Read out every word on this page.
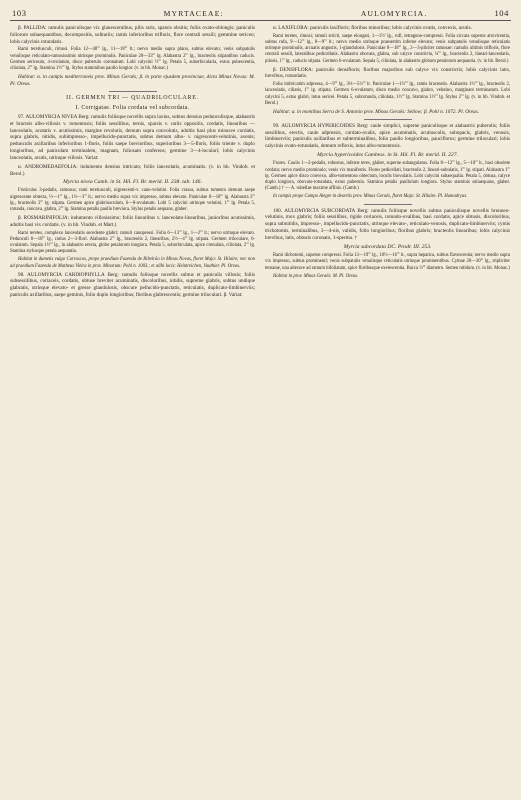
103	MYRTACEAE:	AULOMYRCIA.	104

β. PALLIDA: ramulis paniculisque vix glanescentibus, pilis raris, sparsis obsitis; foliis ovato-oblongis; paniculis foliorum subaequantibus, decompositis, solitariis; ramis inferioribus trifloris, flore centrali sessili; gemmine sericeo; lobis calycinis rotundatis.

Rami teretiusculi, rimosi. Folia 12—40''' lg., 11—18''' lt.; nervo medio supra plano, subtus elevato; venis subpatulis venulisque reticulato-ramosissimis utrinque prominulis. Paniculae 20—33''' lg. Alabastra 2''' lg., bracteolis stipantibus caducis. Germen sericeum, 4-ovulatum, disco puberulo coronatum. Lobi calycini ½''' lg. Petala 5, suborbicularia, extus pubescentia, ciliolata, 2''' lg. Stamina 1½''' lg. Stylus staminibus paullo longior. (v. in hb. Monac.)

Habitat: α. in campis mediterraneis prov. Minas Geraës; β. in parte ejusdem provinciae, dicta Minas Novas: M. Pl. Oreas.

II. GERMEN TRI — QUADRILOCULARE.
I. Corrigatae. Folia cordata vel subcordata.

97. AULOMYRCIA NIVEA Berg: ramulis foliisque novellis supra laxius, subtus densius pedunculisque, alabastris et bracteis albo-villosis v. tomentosis; foliis sessilibus, ternis, sparsis v. rariis oppositis, cordatis, linearibus — lanceolatis, acutatis v. acutissimis, margine revolutis, demum supra convolutis, adultis basi plus minusve cordatis, supra glabris, nitidis, subimpresso-, impellucido-punctatis, subtus demum albo- v. nigrescenti-velutinis, avenis; pedunculis axillaribus inferioribus 1-floris, foliis saepe brevioribus, superioribus 3—5-floris, foliis triente v. duplo longioribus, ad paniculam terminalem, magnam, foliosam conferens; germine 3—4-loculari; lobis calycinis lanceolatis, acutis, utrinque villosis. Variat:

α. ANDROMEDAEFOLIA: indumento densius intricato; foliis lanceolatis, acuminatis. (v. in hb. Vindob. et Berol.)

Myrcia nivea Camb. in St. Hil. Fl. Br. merid. II. 238. tab. 146.

Fruticulus 3-pedalis, ramosus; rami teretiusculi, nigrescenti-v. cano-velutini. Folia crassa, subtus tomento demum saepe nigrescente obtecta, ½—1''' lg., 1½—3''' lt.; nervo medio supra vix impresso, subtus elevato. Paniculae 8—18''' lg. Alabastra 2''' lg., bracteolis 2''' lg. stipata. Germen apice glabriusculum, 6—8-ovulatum. Lobi 5 calycini utrinque velutini, 1''' lg. Petala 5, rotunda, concava, glabra, 2''' lg. Stamina petalis paullo breviora. Stylus petalis aequans, glaber.

β. ROSMARINIFOLIA: indumento villosissimo; foliis linearibus v. lanceolato-linearibus, junioribus acutissimis, adultis basi vix cordatis. (v. in hb. Vindob. et Mart.)

Rami teretes, complexo lanceolatis secedente glabri; ramuli canopressi. Folia 6—13''' lg., 1—2''' lt.; nervo utrinque elevato. Pedunculi 8—18''' lg., rarius 2—3-flori. Alabastra 2''' lg., bracteolis 2, linearibus, 2½—4''' lg. stipata. Germen triloculare, 6-ovulatum. Sepala 1½''' lg., in alabastro erecta, globo petalorum longiora. Petala 5, suborbiculata, apice crenulata, ciliolata, 2''' lg. Stamina stylusque petala aequantia.

Habitat in dumetis vulgo Carrascos, prope praedium Fazenda de Ribeirão in Minas Novas, floret Majo: St. Hilaire; nec non ad praedium Fazenda de Matheus Vieira in prov. Minarum: Pohl n. 1003.; et alibi locis: Heimreichen, Vauthier. Pl. Oreas.

98. AULOMYRCIA CARDIOPHYLLA Berg: ramulis foliisque novellis subtus et paniculis villosis; foliis subsessilibus, coriaceis, cordatis, obtuse breviter acuminatis, discoloribus, nitidis, supreme glabris, subtus undique glabratis, utrinque elevato- et gresse glandulosis, obscure pellucido-punctatis, reticulatis, duplicato-limbinerviis; paniculis axillaribus, saepe geminis, folio duplo longioribus; floribus glabrescentis; germine triloculari. β. Variat:

α. LAXIFLORA: paniculis laxifloris; floribus minoribus; lobis calycinis ovatis, convexis, acutis.

Rami teretes, rimosi; ramuli stricti, saepe elongati, 1—1½' lg., rufi, tetragono-compressi. Folia siccata superne atrovirentia, subtus rufa, 9—12''' lg., 8—9''' lt.; nervo medio utrinque praesertim inferne elevato; venis subpatulis venulisque reticulatis utrinque prominulis, arcuatis angustis, 1-glandulosis. Paniculae 8—18''' lg., 2—3-pliciter ramosae: ramulis ultimis trifloris, flore centrali sessili, lateralibus pedicellatis. Alabastra obovata, glabra, sub calyce constricta, ¼''' lg., bracteolis 2, lineari-lanceolatis, pilosis, 1''' lg., caducis stipata. Germen 6-ovulatum. Sepala 5, ciliolata, in alabastro globum petalorum aequantia. (v. in hb. Berol.)

β. DENSIFLORA: paniculis densifloris; floribus majoribus sub calyce vix constrictis; lobis calycinis latis, brevibus, rotundatis.

Folia imbricatim adpressa, 4—9''' lg., 3⅓—5⅔''' lt. Paniculae 1—1½''' lg., ramis bracteatis. Alabastra 1½''' lg., bracteolis 2, lanceolatis, ciliatis, 1''' lg. stipata. Germen 6-ovulatum, disco medio concavo, glabro, velutino, marginato terminatum. Lobi calycini 5, extus glabri, intus sericei. Petala 5, subrotunda, ciliolata, 1½''' lg. Stamina 1½''' lg. Stylus 2''' lg. (v. in hb. Vindob. et Berol.)

Habitat: α. in montibus Serra de S. Antonio prov. Minas Geraës: Sellow; β. Pohl n. 1072. Pl. Oreas.

99. AULOMYRCIA HYPERICOIDES Berg: caule simplici, superne paniculisque et alabastris puberulis; foliis sessilibus, erectis, caule adpressis, cordato-ovalis, apice acuminatis, acutiusculis, subopacis, glabris, venosis, limbinerviis; paniculis axillaribus et subterminalibus, folio paullo longioribus, pauciflorus; germine triloculari; lobis calycinis ovato-rotundatis, demum reflexis, intus albo-tomentosis.

Myrcia hypericoides Cambess. in St. Hil. Fl. Br. merid. II. 227.

Frutex. Caulis 1—2-pedalis, robustus, inferne teres, glaber, superne subangulatus. Folia 8—12''' lg., 5—10''' lt., basi obsolete cordata; nervo medio prominulo; venis vix manifestis. Flores pedicellati, bracteolis 2, lineari-subulatis, 1''' lg. stipati. Alabastra 1''' lg. Germen apice disco convexo, albo-tomentoso obtectum, loculis biovulatis. Lobi calycini subaequalia. Petala 5, obtusa, calyce duplo longiora, obovato-rotundata, extus puberula. Stamina petalis paullulum longiora. Stylus staminis subaequans, glaber. (Camb.) † — A. rubellae maxime affinis. (Camb.)

In campis prope Campo Alegre in desertis prov. Minas Geraës, floret Majo: St. Hilaire. Pl. Hamadryas.

100. AULOMYRCIA SUBCORDATA Berg: ramulis foliisque novellis subtus paniculisque novellis brunneo-velutinis, mox glabris; foliis sessilibus, rigide coriaceis, rotundo-ovalibus, basi cordatis, apice obtusis, discoloribus, supra subnitidis, impresso-, impellucido-punctatis, utrinque elevato-, reticulato-venosis, duplicato-limbinerviis; cymis trichotomis, terminalibus, 3—4-nis, validis, folio longioribus; floribus glabris; bracteolis linearibus; lobis calycinis brevibus, latis, obtusis coronato, 1-sperma. †

Myrcia subcordata DC. Prodr. III. 253.

Rami dichotomi, superne compressi. Folia 13—19''' lg., 10½—16''' lt., supra hepatica, subtus flavescentia; nervo medio supra vix impresso, subtus prominenti; venis subpatulis venulisque reticulatis utrinque prominentibus. Cymae 20—30''' lg., tripliciter ternatae, una alterave ad ramum bifoliatam, spice floribusque exerescentia. Bacca ⅔''' diametro. Semen nitidum. (v. in hb. Monac.)

Habitat in prov. Minas Geraës: M. Pl. Oreas.
